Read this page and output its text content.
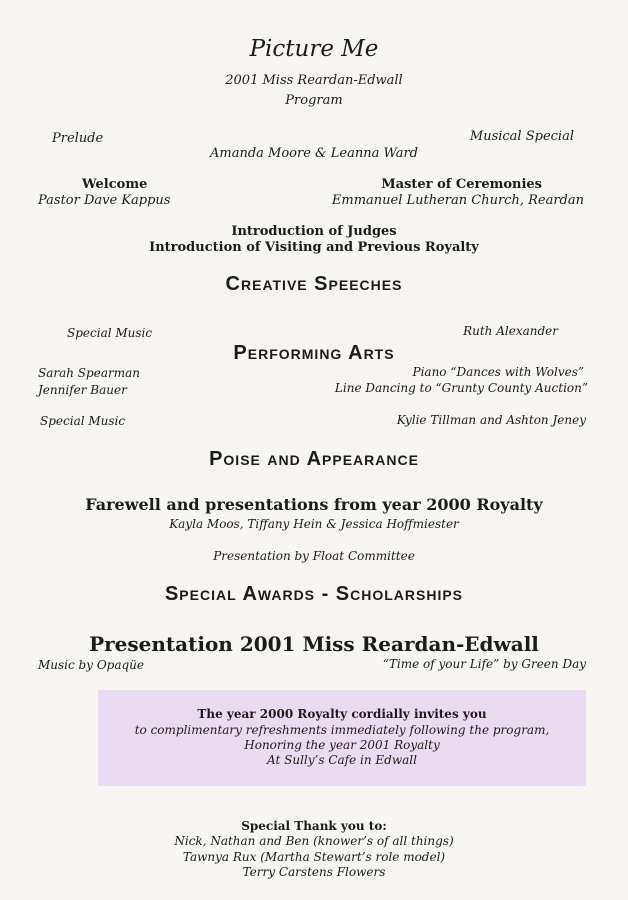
Picture Me
2001 Miss Reardan-Edwall
Program
Prelude	Musical Special
Amanda Moore & Leanna Ward
Welcome
Pastor Dave Kappus
Master of Ceremonies
Emmanuel Lutheran Church, Reardan
Introduction of Judges
Introduction of Visiting and Previous Royalty
Creative Speeches
Special Music	Ruth Alexander
Performing Arts
Sarah Spearman
Jennifer Bauer
Piano “Dances with Wolves”
Line Dancing to “Grunty County Auction”
Special Music	Kylie Tillman and Ashton Jeney
Poise and Appearance
Farewell and presentations from year 2000 Royalty
Kayla Moos, Tiffany Hein & Jessica Hoffmiester
Presentation by Float Committee
Special Awards - Scholarships
Presentation 2001 Miss Reardan-Edwall
Music by Opaqüe	“Time of your Life” by Green Day
The year 2000 Royalty cordially invites you
to complimentary refreshments immediately following the program,
Honoring the year 2001 Royalty
At Sully’s Cafe in Edwall
Special Thank you to:
Nick, Nathan and Ben (knower’s of all things)
Tawnya Rux (Martha Stewart’s role model)
Terry Carstens Flowers
